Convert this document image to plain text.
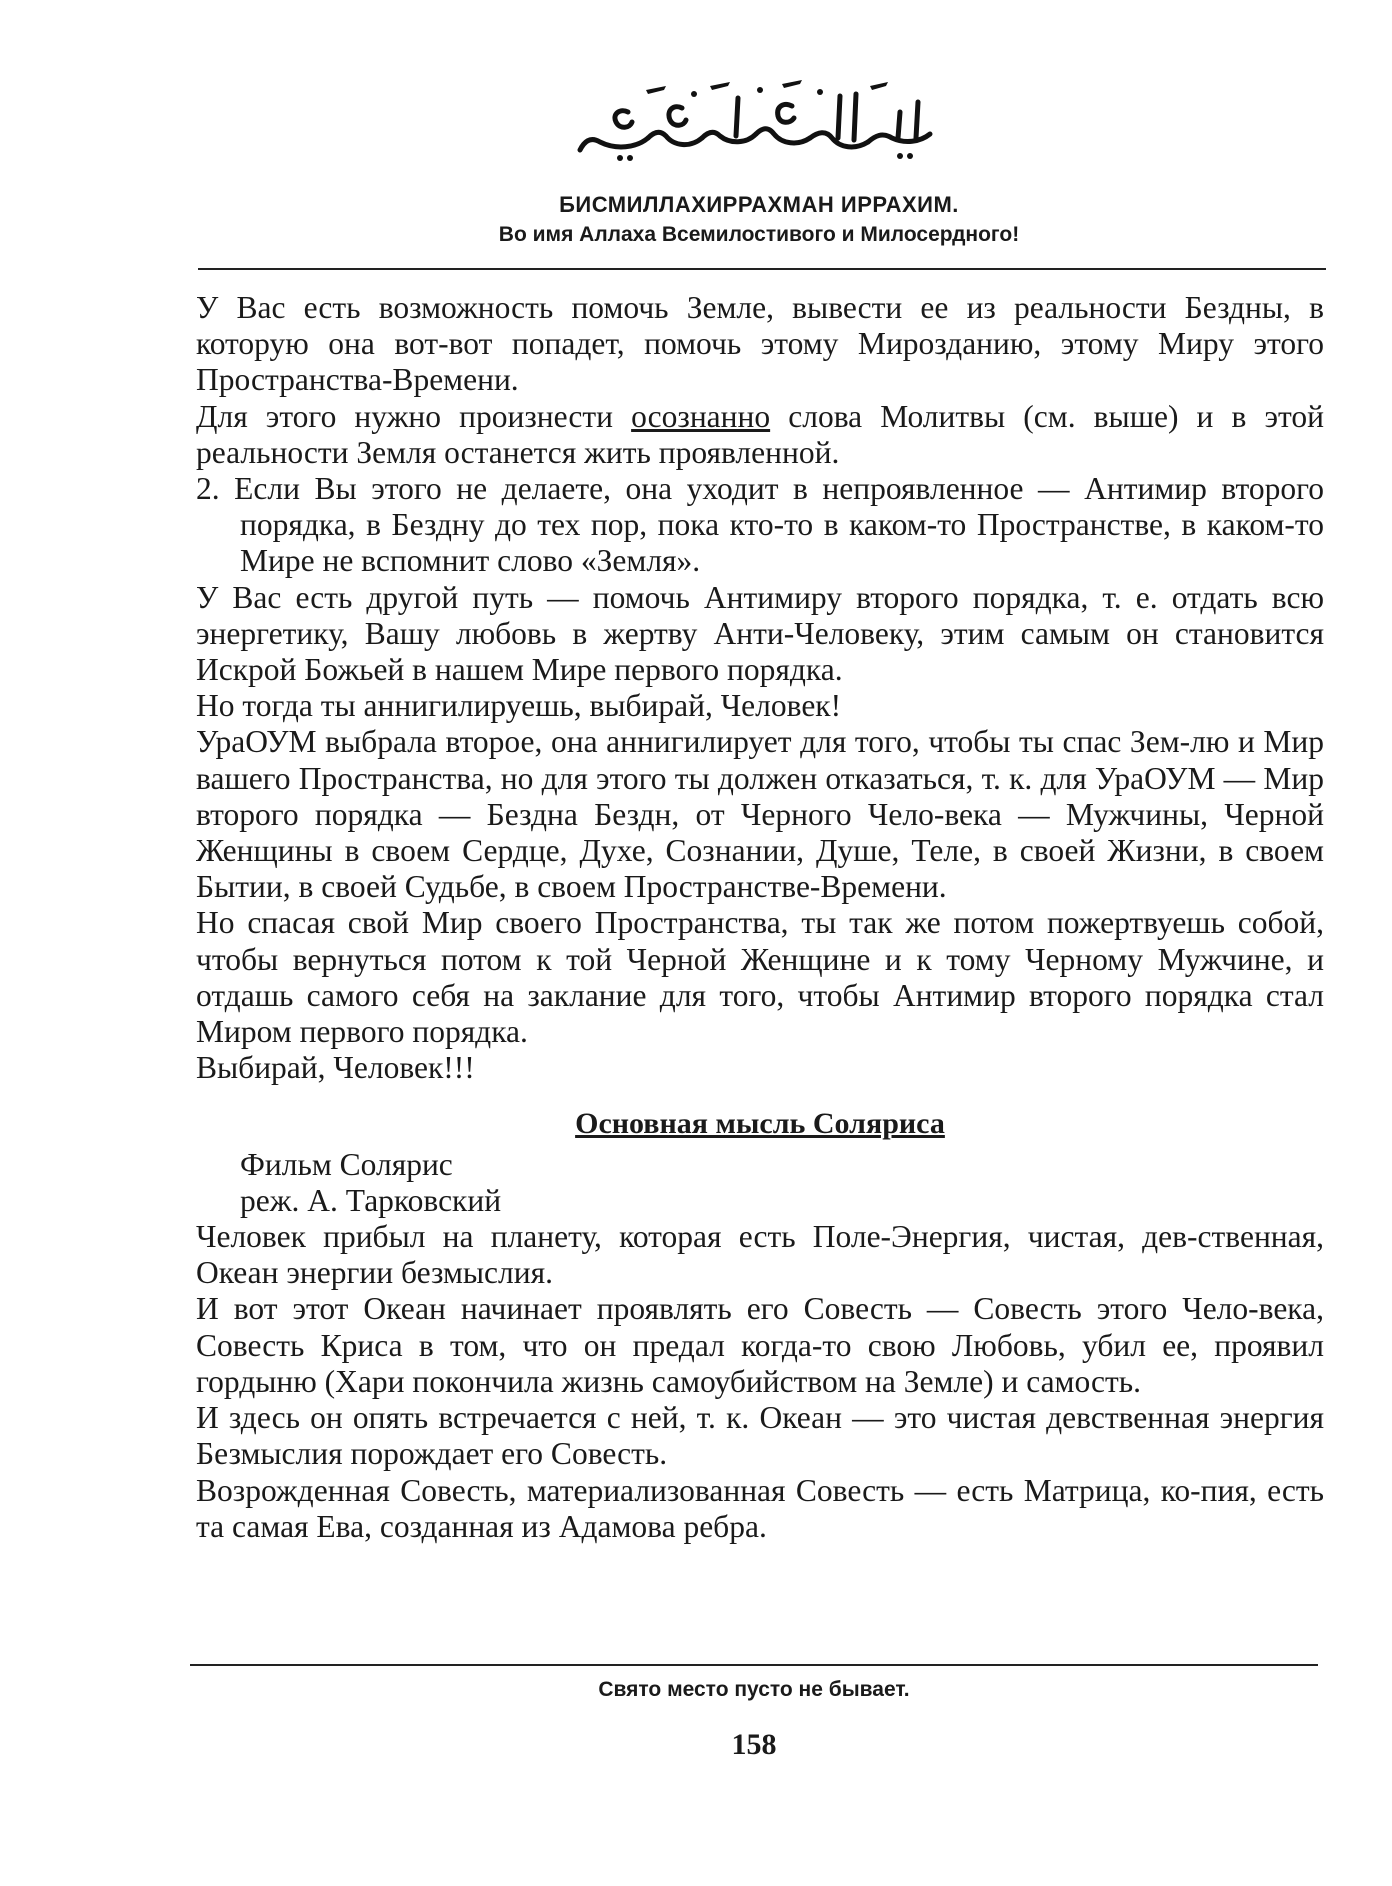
БИСМИЛЛАХИРРАХМАН ИРРАХИМ.
Во имя Аллаха Всемилостивого и Милосердного!

У Вас есть возможность помочь Земле, вывести ее из реальности Бездны, в которую она вот-вот попадет, помочь этому Мирозданию, этому Миру этого Пространства-Времени.

Для этого нужно произнести осознанно слова Молитвы (см. выше) и в этой реальности Земля останется жить проявленной.

2. Если Вы этого не делаете, она уходит в непроявленное — Антимир второго порядка, в Бездну до тех пор, пока кто-то в каком-то Пространстве, в каком-то Мире не вспомнит слово «Земля».

У Вас есть другой путь — помочь Антимиру второго порядка, т. е. отдать всю энергетику, Вашу любовь в жертву Анти-Человеку, этим самым он становится Искрой Божьей в нашем Мире первого порядка.

Но тогда ты аннигилируешь, выбирай, Человек!

УраОУМ выбрала второе, она аннигилирует для того, чтобы ты спас Зем-лю и Мир вашего Пространства, но для этого ты должен отказаться, т. к. для УраОУМ — Мир второго порядка — Бездна Бездн, от Черного Чело-века — Мужчины, Черной Женщины в своем Сердце, Духе, Сознании, Душе, Теле, в своей Жизни, в своем Бытии, в своей Судьбе, в своем Пространстве-Времени.

Но спасая свой Мир своего Пространства, ты так же потом пожертвуешь собой, чтобы вернуться потом к той Черной Женщине и к тому Черному Мужчине, и отдашь самого себя на заклание для того, чтобы Антимир второго порядка стал Миром первого порядка.

Выбирай, Человек!!!

Основная мысль Соляриса

Фильм Солярис

реж. А. Тарковский

Человек прибыл на планету, которая есть Поле-Энергия, чистая, дев-ственная, Океан энергии безмыслия.

И вот этот Океан начинает проявлять его Совесть — Совесть этого Чело-века, Совесть Криса в том, что он предал когда-то свою Любовь, убил ее, проявил гордыню (Хари покончила жизнь самоубийством на Земле) и самость.

И здесь он опять встречается с ней, т. к. Океан — это чистая девственная энергия Безмыслия порождает его Совесть.

Возрожденная Совесть, материализованная Совесть — есть Матрица, ко-пия, есть та самая Ева, созданная из Адамова ребра.

Свято место пусто не бывает.
158
